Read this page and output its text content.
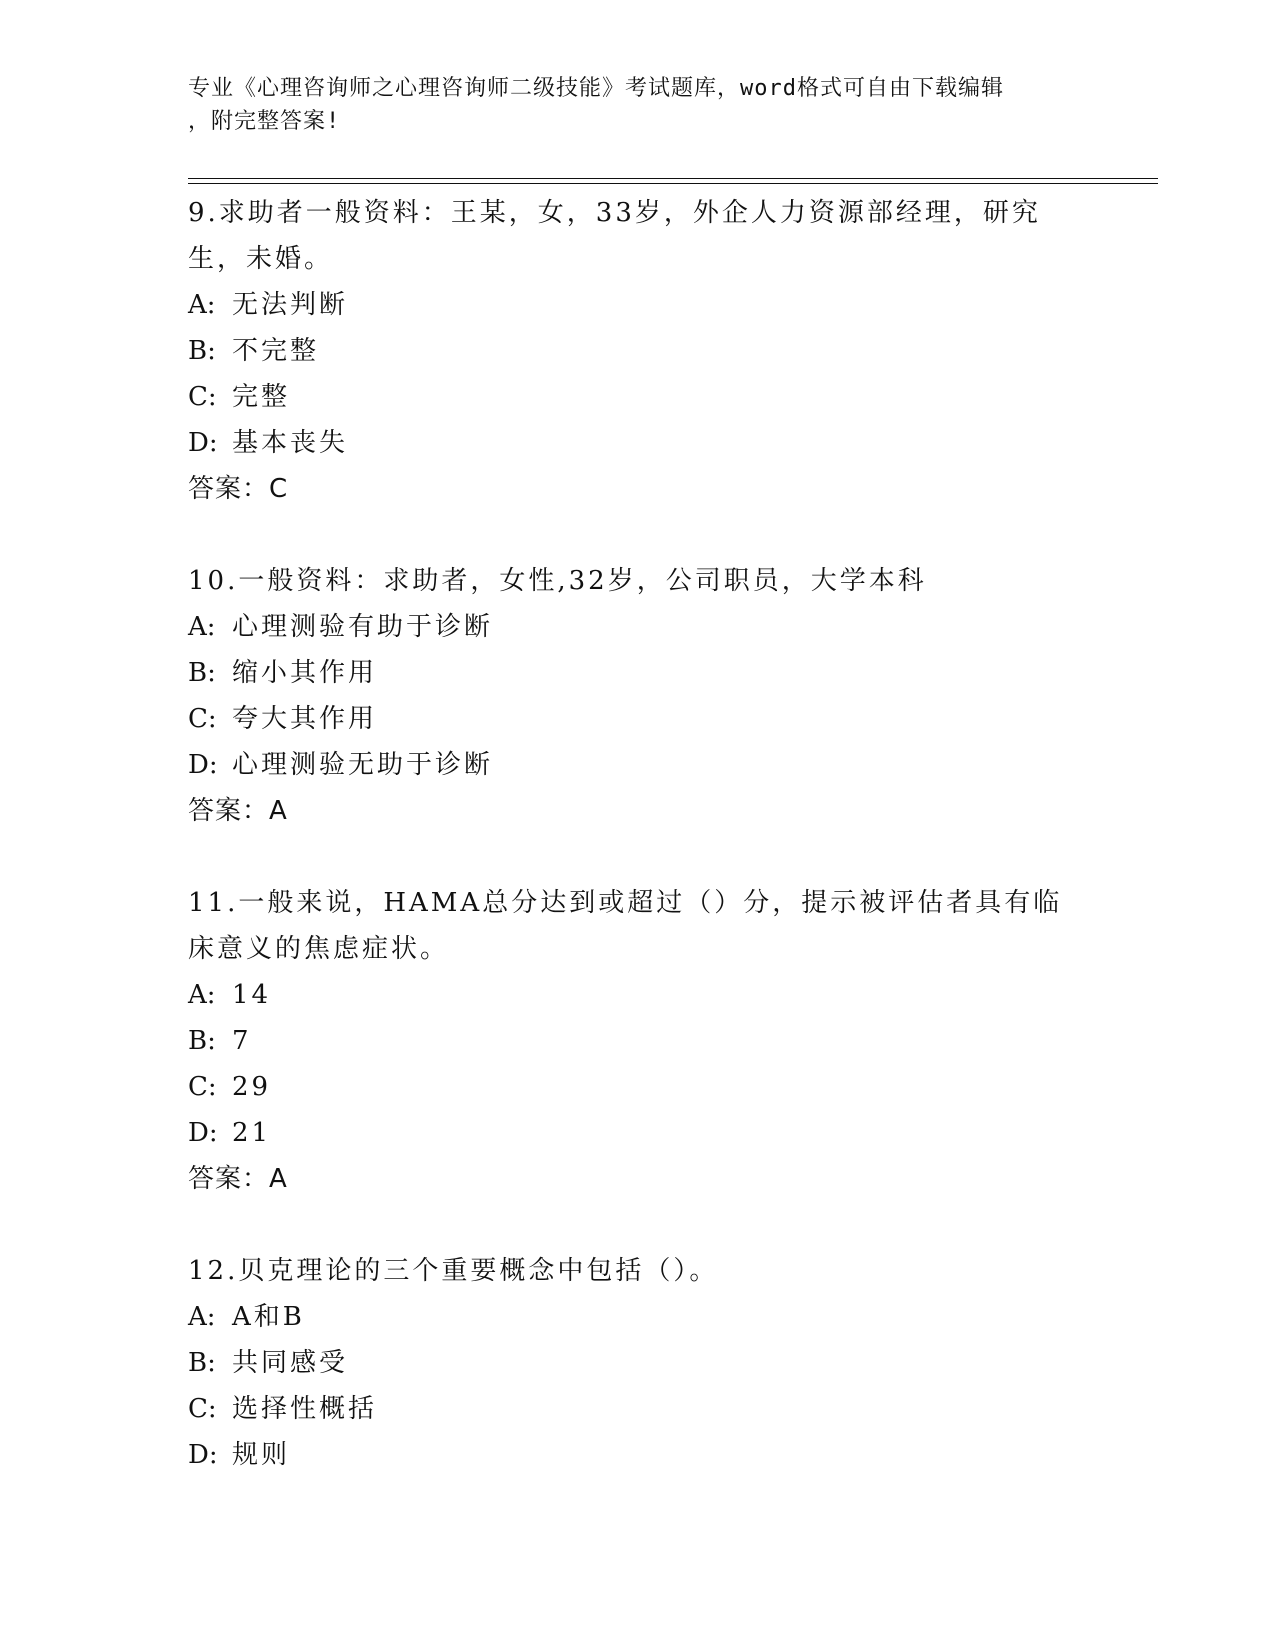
专业《心理咨询师之心理咨询师二级技能》考试题库，word格式可自由下载编辑
，附完整答案!
9.求助者一般资料：王某，女，33岁，外企人力资源部经理，研究生，未婚。
A: 无法判断
B: 不完整
C: 完整
D: 基本丧失
答案：C
10.一般资料：求助者，女性,32岁，公司职员，大学本科
A: 心理测验有助于诊断
B: 缩小其作用
C: 夸大其作用
D: 心理测验无助于诊断
答案：A
11.一般来说，HAMA总分达到或超过（）分，提示被评估者具有临床意义的焦虑症状。
A: 14
B: 7
C: 29
D: 21
答案：A
12.贝克理论的三个重要概念中包括（）。
A: A和B
B: 共同感受
C: 选择性概括
D: 规则
